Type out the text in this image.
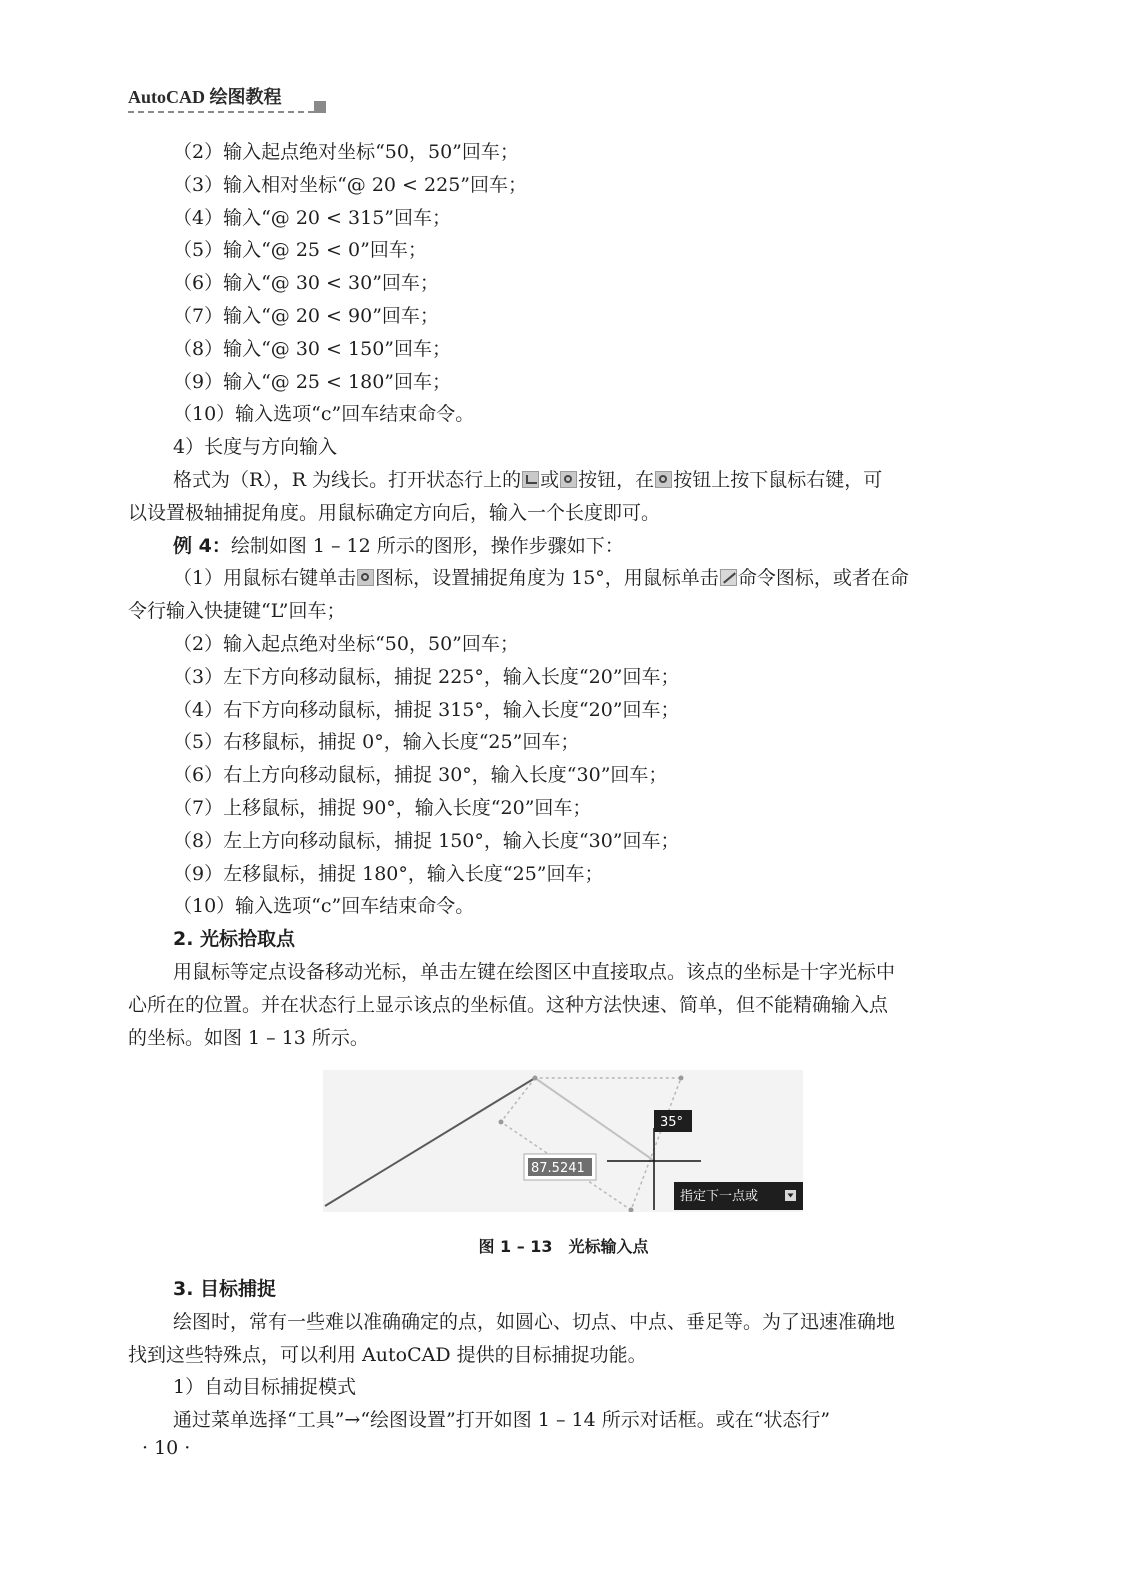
AutoCAD 绘图教程

（2）输入起点绝对坐标“50，50”回车；

（3）输入相对坐标“@ 20 < 225”回车；

（4）输入“@ 20 < 315”回车；

（5）输入“@ 25 < 0”回车；

（6）输入“@ 30 < 30”回车；

（7）输入“@ 20 < 90”回车；

（8）输入“@ 30 < 150”回车；

（9）输入“@ 25 < 180”回车；

（10）输入选项“c”回车结束命令。

4）长度与方向输入

格式为（R），R 为线长。打开状态行上的 或 按钮，在 按钮上按下鼠标右键，可

以设置极轴捕捉角度。用鼠标确定方向后，输入一个长度即可。

例 4：绘制如图 1 – 12 所示的图形，操作步骤如下：

（1）用鼠标右键单击 图标，设置捕捉角度为 15°，用鼠标单击 命令图标，或者在命

令行输入快捷键“L”回车；

（2）输入起点绝对坐标“50，50”回车；

（3）左下方向移动鼠标，捕捉 225°，输入长度“20”回车；

（4）右下方向移动鼠标，捕捉 315°，输入长度“20”回车；

（5）右移鼠标，捕捉 0°，输入长度“25”回车；

（6）右上方向移动鼠标，捕捉 30°，输入长度“30”回车；

（7）上移鼠标，捕捉 90°，输入长度“20”回车；

（8）左上方向移动鼠标，捕捉 150°，输入长度“30”回车；

（9）左移鼠标，捕捉 180°，输入长度“25”回车；

（10）输入选项“c”回车结束命令。

2. 光标拾取点

用鼠标等定点设备移动光标，单击左键在绘图区中直接取点。该点的坐标是十字光标中

心所在的位置。并在状态行上显示该点的坐标值。这种方法快速、简单，但不能精确输入点

的坐标。如图 1 – 13 所示。

35°
87.5241
指定下一点或
图 1 – 13　光标输入点

3. 目标捕捉

绘图时，常有一些难以准确确定的点，如圆心、切点、中点、垂足等。为了迅速准确地

找到这些特殊点，可以利用 AutoCAD 提供的目标捕捉功能。

1）自动目标捕捉模式

通过菜单选择“工具”→“绘图设置”打开如图 1 – 14 所示对话框。或在“状态行”

· 10 ·
